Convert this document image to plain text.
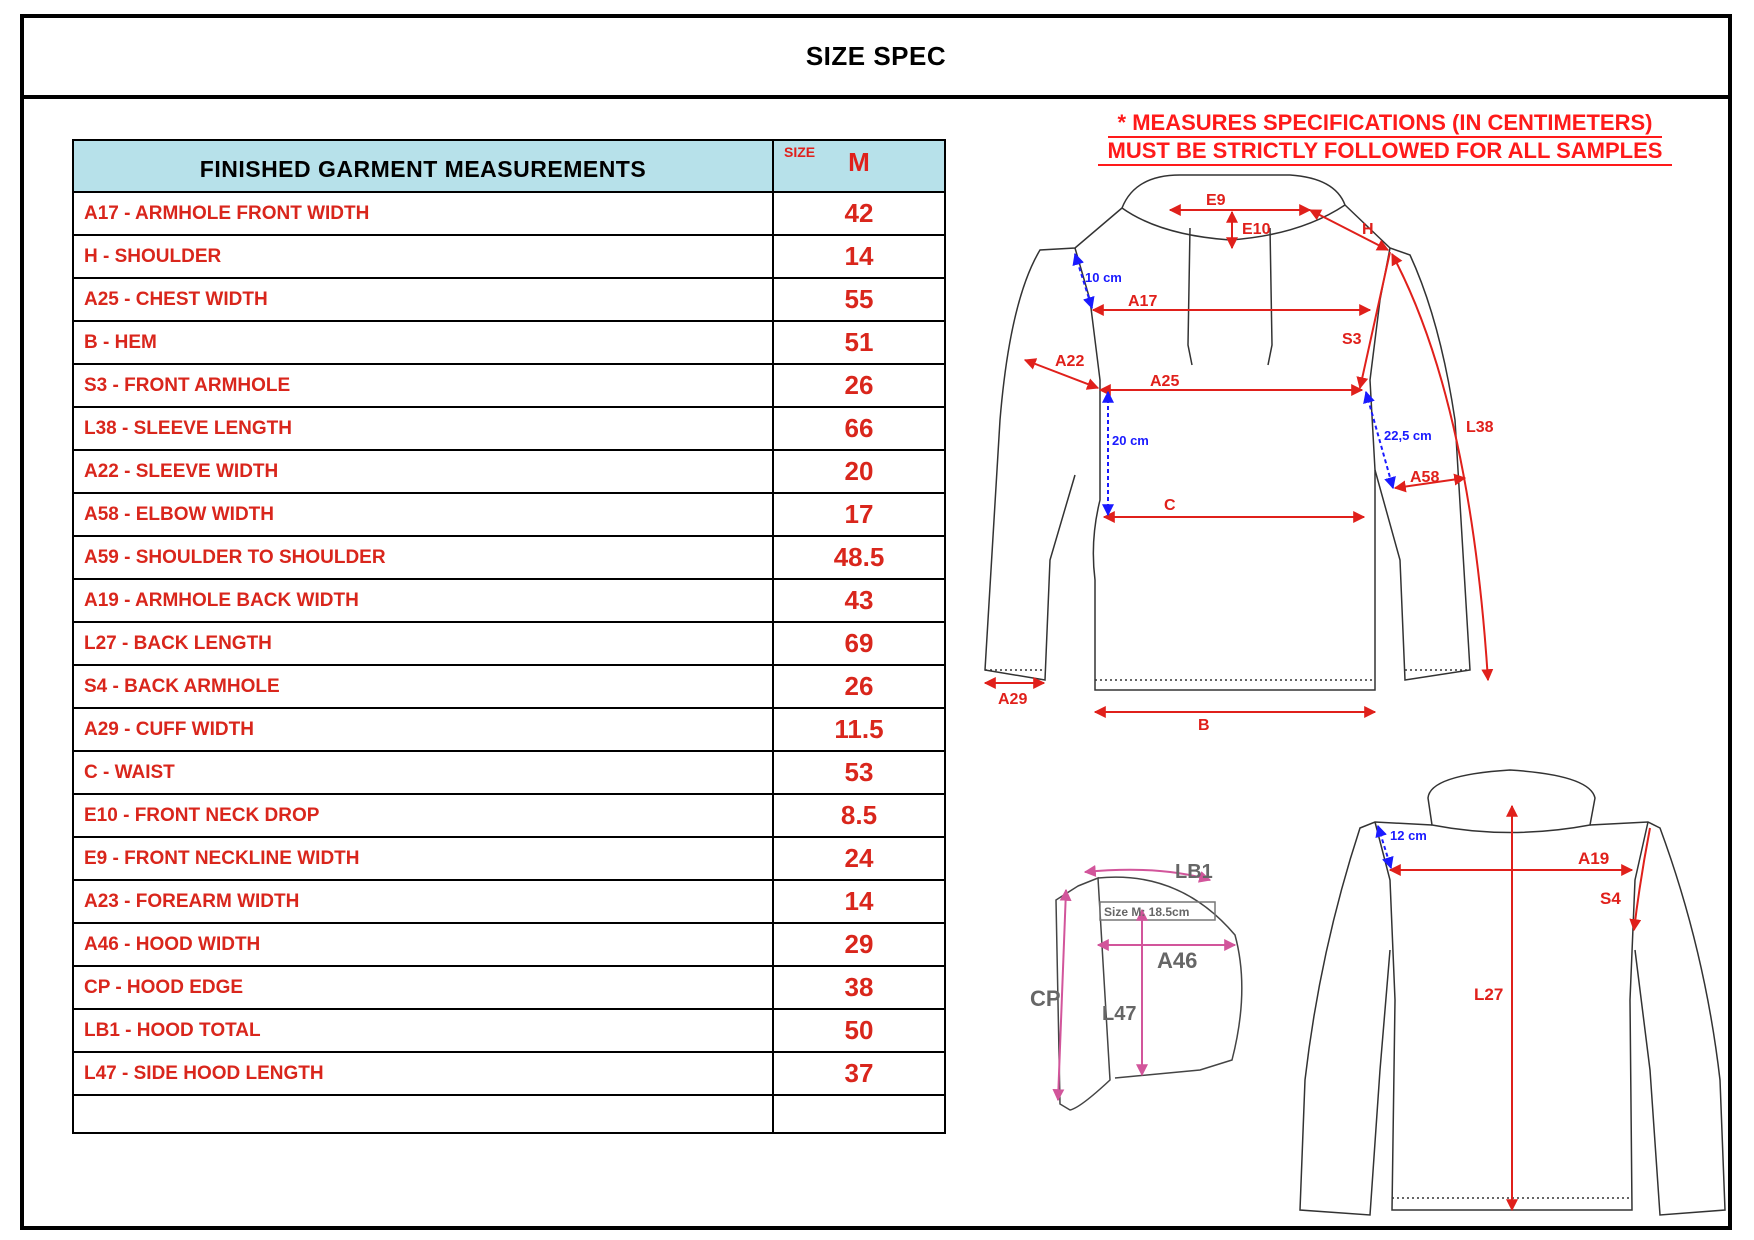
SIZE SPEC
FINISHED GARMENT MEASUREMENTS	SIZE M

A17 - ARMHOLE FRONT WIDTH	42
H - SHOULDER	14
A25 - CHEST WIDTH	55
B - HEM	51
S3 - FRONT ARMHOLE	26
L38 - SLEEVE LENGTH	66
A22 - SLEEVE WIDTH	20
A58 - ELBOW WIDTH	17
A59 - SHOULDER TO SHOULDER	48.5
A19 - ARMHOLE BACK WIDTH	43
L27 - BACK LENGTH	69
S4 - BACK ARMHOLE	26
A29 - CUFF WIDTH	11.5
C - WAIST	53
E10 - FRONT NECK DROP	8.5
E9 - FRONT NECKLINE WIDTH	24
A23 - FOREARM WIDTH	14
A46 - HOOD WIDTH	29
CP - HOOD EDGE	38
LB1 - HOOD TOTAL	50
L47 - SIDE HOOD LENGTH	37

* MEASURES SPECIFICATIONS (IN CENTIMETERS)
MUST BE STRICTLY FOLLOWED FOR ALL SAMPLES
E9
E10	H
A17
S3
A22
A25
L38
A58
C
A29
B
10 cm
20 cm	22,5 cm
LB1
A46
CP
L47
Size M: 18.5cm
A19
S4
L27
12 cm
